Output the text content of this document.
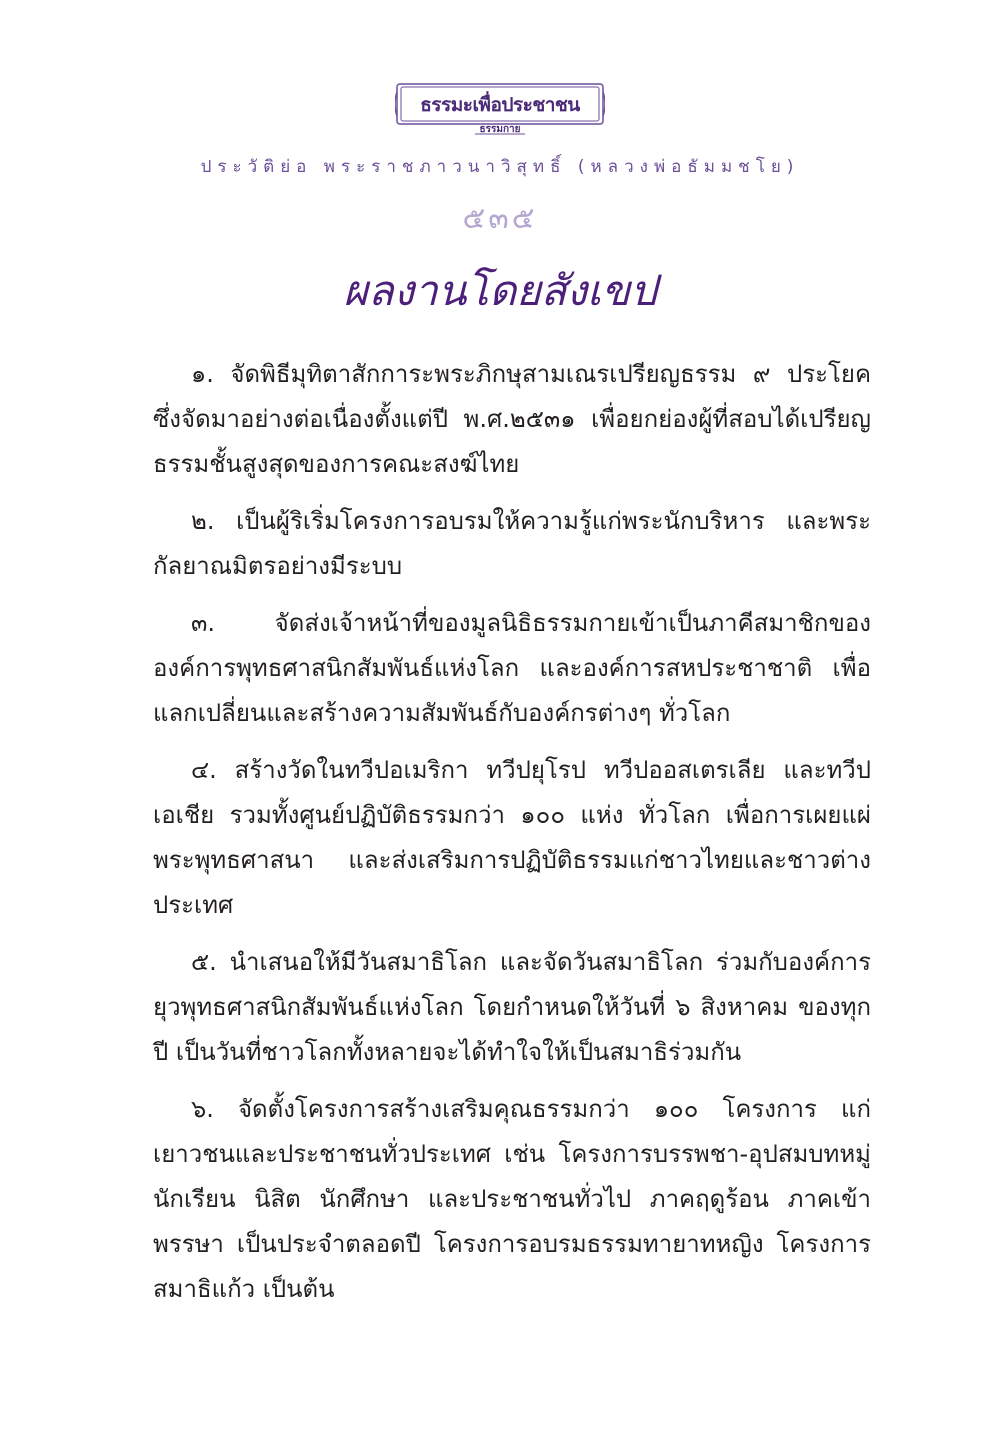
ธรรมะเพื่อประชาชน
ธรรมกาย
ประวัติย่อ พระราชภาวนาวิสุทธิ์ (หลวงพ่อธัมมชโย)
๕๓๕
ผลงานโดยสังเขป

๑. จัดพิธีมุทิตาสักการะพระภิกษุสามเณรเปรียญธรรม ๙ ประโยค ซึ่งจัดมาอย่างต่อเนื่องตั้งแต่ปี พ.ศ.๒๕๓๑ เพื่อยกย่องผู้ที่สอบได้เปรียญธรรมชั้นสูงสุดของการคณะสงฆ์ไทย

๒. เป็นผู้ริเริ่มโครงการอบรมให้ความรู้แก่พระนักบริหาร และพระกัลยาณมิตรอย่างมีระบบ

๓. จัดส่งเจ้าหน้าที่ของมูลนิธิธรรมกายเข้าเป็นภาคีสมาชิกขององค์การพุทธศาสนิกสัมพันธ์แห่งโลก และองค์การสหประชาชาติ เพื่อแลกเปลี่ยนและสร้างความสัมพันธ์กับองค์กรต่างๆ ทั่วโลก

๔. สร้างวัดในทวีปอเมริกา ทวีปยุโรป ทวีปออสเตรเลีย และทวีปเอเชีย รวมทั้งศูนย์ปฏิบัติธรรมกว่า ๑๐๐ แห่ง ทั่วโลก เพื่อการเผยแผ่พระพุทธศาสนา และส่งเสริมการปฏิบัติธรรมแก่ชาวไทยและชาวต่างประเทศ

๕. นำเสนอให้มีวันสมาธิโลก และจัดวันสมาธิโลก ร่วมกับองค์การยุวพุทธศาสนิกสัมพันธ์แห่งโลก โดยกำหนดให้วันที่ ๖ สิงหาคม ของทุกปี เป็นวันที่ชาวโลกทั้งหลายจะได้ทำใจให้เป็นสมาธิร่วมกัน

๖. จัดตั้งโครงการสร้างเสริมคุณธรรมกว่า ๑๐๐ โครงการ แก่เยาวชนและประชาชนทั่วประเทศ เช่น โครงการบรรพชา-อุปสมบทหมู่ นักเรียน นิสิต นักศึกษา และประชาชนทั่วไป ภาคฤดูร้อน ภาคเข้าพรรษา เป็นประจำตลอดปี โครงการอบรมธรรมทายาทหญิง โครงการสมาธิแก้ว เป็นต้น
